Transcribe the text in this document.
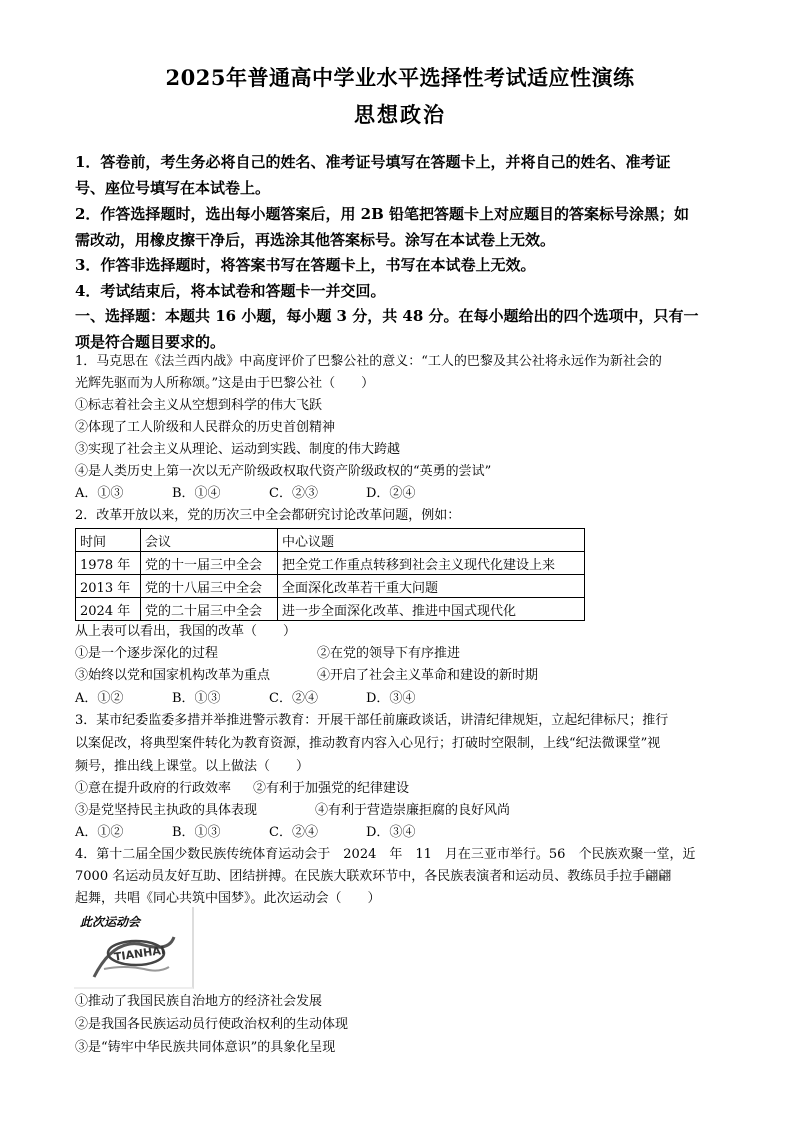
2025年普通高中学业水平选择性考试适应性演练
思想政治
1．答卷前，考生务必将自己的姓名、准考证号填写在答题卡上，并将自己的姓名、准考证
号、座位号填写在本试卷上。
2．作答选择题时，选出每小题答案后，用 2B 铅笔把答题卡上对应题目的答案标号涂黑；如
需改动，用橡皮擦干净后，再选涂其他答案标号。涂写在本试卷上无效。
3．作答非选择题时，将答案书写在答题卡上，书写在本试卷上无效。
4．考试结束后，将本试卷和答题卡一并交回。
一、选择题：本题共 16 小题，每小题 3 分，共 48 分。在每小题给出的四个选项中，只有一
项是符合题目要求的。
1．马克思在《法兰西内战》中高度评价了巴黎公社的意义：“工人的巴黎及其公社将永远作为新社会的
光辉先驱而为人所称颂。”这是由于巴黎公社（　　）
①标志着社会主义从空想到科学的伟大飞跃
②体现了工人阶级和人民群众的历史首创精神
③实现了社会主义从理论、运动到实践、制度的伟大跨越
④是人类历史上第一次以无产阶级政权取代资产阶级政权的“英勇的尝试”
A．①③	B．①④	C．②③	D．②④
2．改革开放以来，党的历次三中全会都研究讨论改革问题，例如：
时间	会议	中心议题
1978 年	党的十一届三中全会	把全党工作重点转移到社会主义现代化建设上来
2013 年	党的十八届三中全会	全面深化改革若干重大问题
2024 年	党的二十届三中全会	进一步全面深化改革、推进中国式现代化
从上表可以看出，我国的改革（　　）
①是一个逐步深化的过程	②在党的领导下有序推进
③始终以党和国家机构改革为重点	④开启了社会主义革命和建设的新时期
A．①②	B．①③	C．②④	D．③④
3．某市纪委监委多措并举推进警示教育：开展干部任前廉政谈话，讲清纪律规矩，立起纪律标尺；推行
以案促改，将典型案件转化为教育资源，推动教育内容入心见行；打破时空限制，上线“纪法微课堂”视
频号，推出线上课堂。以上做法（　　）
①意在提升政府的行政效率 ②有利于加强党的纪律建设
③是党坚持民主执政的具体表现	④有利于营造崇廉拒腐的良好风尚
A．①②	B．①③	C．②④	D．③④
4．第十二届全国少数民族传统体育运动会于　2024　年　11　月在三亚市举行。56　个民族欢聚一堂，近
7000 名运动员友好互助、团结拼搏。在民族大联欢环节中，各民族表演者和运动员、教练员手拉手翩翩
起舞，共唱《同心共筑中国梦》。此次运动会（　　）
TIANHAI
此次运动会
①推动了我国民族自治地方的经济社会发展
②是我国各民族运动员行使政治权利的生动体现
③是“铸牢中华民族共同体意识”的具象化呈现
